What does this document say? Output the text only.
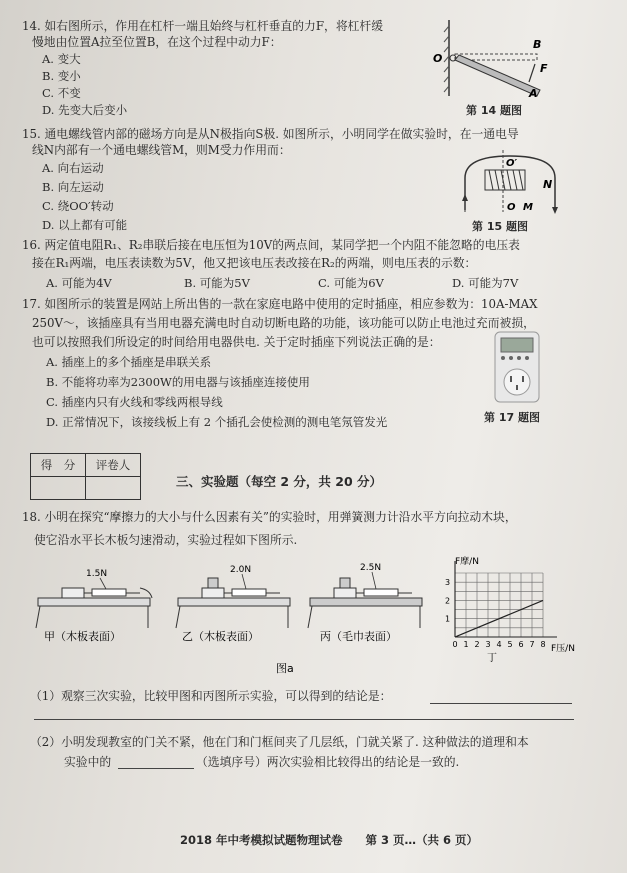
14. 如右图所示，作用在杠杆一端且始终与杠杆垂直的力F，将杠杆缓
慢地由位置A拉至位置B，在这个过程中动力F：
A. 变大
B. 变小
C. 不变
D. 先变大后变小
O
B
F
A
第 14 题图
15. 通电螺线管内部的磁场方向是从N极指向S极. 如图所示，小明同学在做实验时，在一通电导
线N内部有一个通电螺线管M，则M受力作用而：
A. 向右运动
B. 向左运动
C. 绕OO′转动
D. 以上都有可能
O′
N
O M
第 15 题图
16. 两定值电阻R₁、R₂串联后接在电压恒为10V的两点间，某同学把一个内阻不能忽略的电压表
接在R₁两端，电压表读数为5V，他又把该电压表改接在R₂的两端，则电压表的示数：
A. 可能为4V	B. 可能为5V	C. 可能为6V	D. 可能为7V
17. 如图所示的装置是网站上所出售的一款在家庭电路中使用的定时插座，相应参数为：10A-MAX
250V～，该插座具有当用电器充满电时自动切断电路的功能，该功能可以防止电池过充而被损，
也可以按照我们所设定的时间给用电器供电. 关于定时插座下列说法正确的是：
A. 插座上的多个插座是串联关系
B. 不能将功率为2300W的用电器与该插座连接使用
C. 插座内只有火线和零线两根导线
D. 正常情况下，该接线板上有 2 个插孔会使检测的测电笔氖管发光	第 17 题图
得　分	评卷人

三、实验题（每空 2 分，共 20 分）
18. 小明在探究“摩擦力的大小与什么因素有关”的实验时，用弹簧测力计沿水平方向拉动木块，
使它沿水平长木板匀速滑动，实验过程如下图所示.
1.5N	2.0N	2.5N
甲（木板表面）	乙（木板表面）	丙（毛巾表面）
图a
0 1 2 3 4 5 6 7 8
1
2
3
F摩/N
F压/N
丁
（1）观察三次实验，比较甲图和丙图所示实验，可以得到的结论是：
（2）小明发现教室的门关不紧，他在门和门框间夹了几层纸，门就关紧了. 这种做法的道理和本
实验中的	（选填序号）两次实验相比较得出的结论是一致的.
2018 年中考模拟试题物理试卷　　第 3 页…（共 6 页）
